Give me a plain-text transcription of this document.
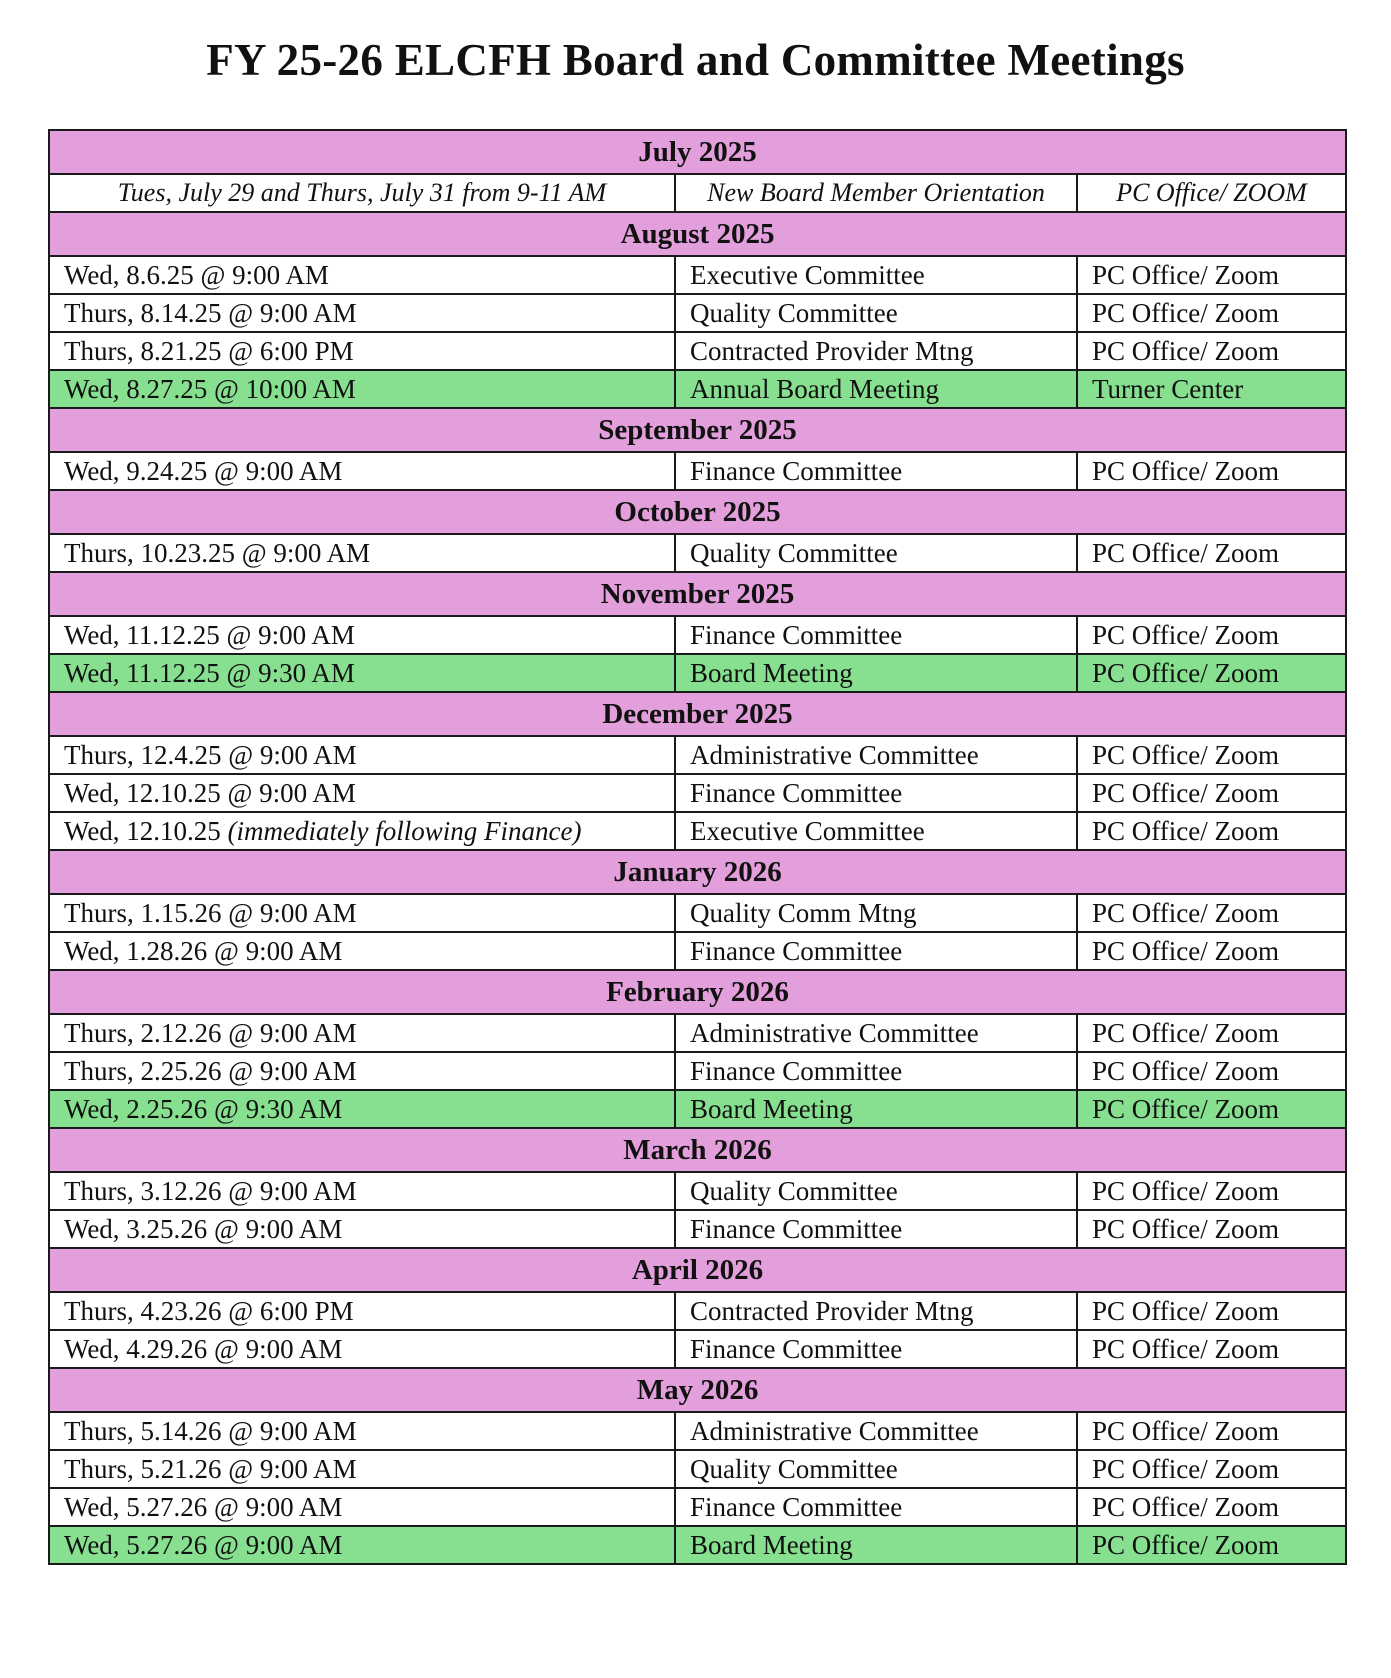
FY 25-26 ELCFH Board and Committee Meetings
July 2025		
Tues, July 29 and Thurs, July 31 from 9-11 AM	New Board Member Orientation	PC Office/ ZOOM
August 2025		
Wed, 8.6.25 @ 9:00 AM	Executive Committee	PC Office/ Zoom
Thurs, 8.14.25 @ 9:00 AM	Quality Committee	PC Office/ Zoom
Thurs, 8.21.25 @ 6:00 PM	Contracted Provider Mtng	PC Office/ Zoom
Wed, 8.27.25 @ 10:00 AM	Annual Board Meeting	Turner Center
September 2025		
Wed, 9.24.25 @ 9:00 AM	Finance Committee	PC Office/ Zoom
October 2025		
Thurs, 10.23.25 @ 9:00 AM	Quality Committee	PC Office/ Zoom
November 2025		
Wed, 11.12.25 @ 9:00 AM	Finance Committee	PC Office/ Zoom
Wed, 11.12.25 @ 9:30 AM	Board Meeting	PC Office/ Zoom
December 2025		
Thurs, 12.4.25 @ 9:00 AM	Administrative Committee	PC Office/ Zoom
Wed, 12.10.25 @ 9:00 AM	Finance Committee	PC Office/ Zoom
Wed, 12.10.25 (immediately following Finance)	Executive Committee	PC Office/ Zoom
January 2026		
Thurs, 1.15.26 @ 9:00 AM	Quality Comm Mtng	PC Office/ Zoom
Wed, 1.28.26 @ 9:00 AM	Finance Committee	PC Office/ Zoom
February 2026		
Thurs, 2.12.26 @ 9:00 AM	Administrative Committee	PC Office/ Zoom
Thurs, 2.25.26 @ 9:00 AM	Finance Committee	PC Office/ Zoom
Wed, 2.25.26 @ 9:30 AM	Board Meeting	PC Office/ Zoom
March 2026		
Thurs, 3.12.26 @ 9:00 AM	Quality Committee	PC Office/ Zoom
Wed, 3.25.26 @ 9:00 AM	Finance Committee	PC Office/ Zoom
April 2026		
Thurs, 4.23.26 @ 6:00 PM	Contracted Provider Mtng	PC Office/ Zoom
Wed, 4.29.26 @ 9:00 AM	Finance Committee	PC Office/ Zoom
May 2026		
Thurs, 5.14.26 @ 9:00 AM	Administrative Committee	PC Office/ Zoom
Thurs, 5.21.26 @ 9:00 AM	Quality Committee	PC Office/ Zoom
Wed, 5.27.26 @ 9:00 AM	Finance Committee	PC Office/ Zoom
Wed, 5.27.26 @ 9:00 AM	Board Meeting	PC Office/ Zoom
